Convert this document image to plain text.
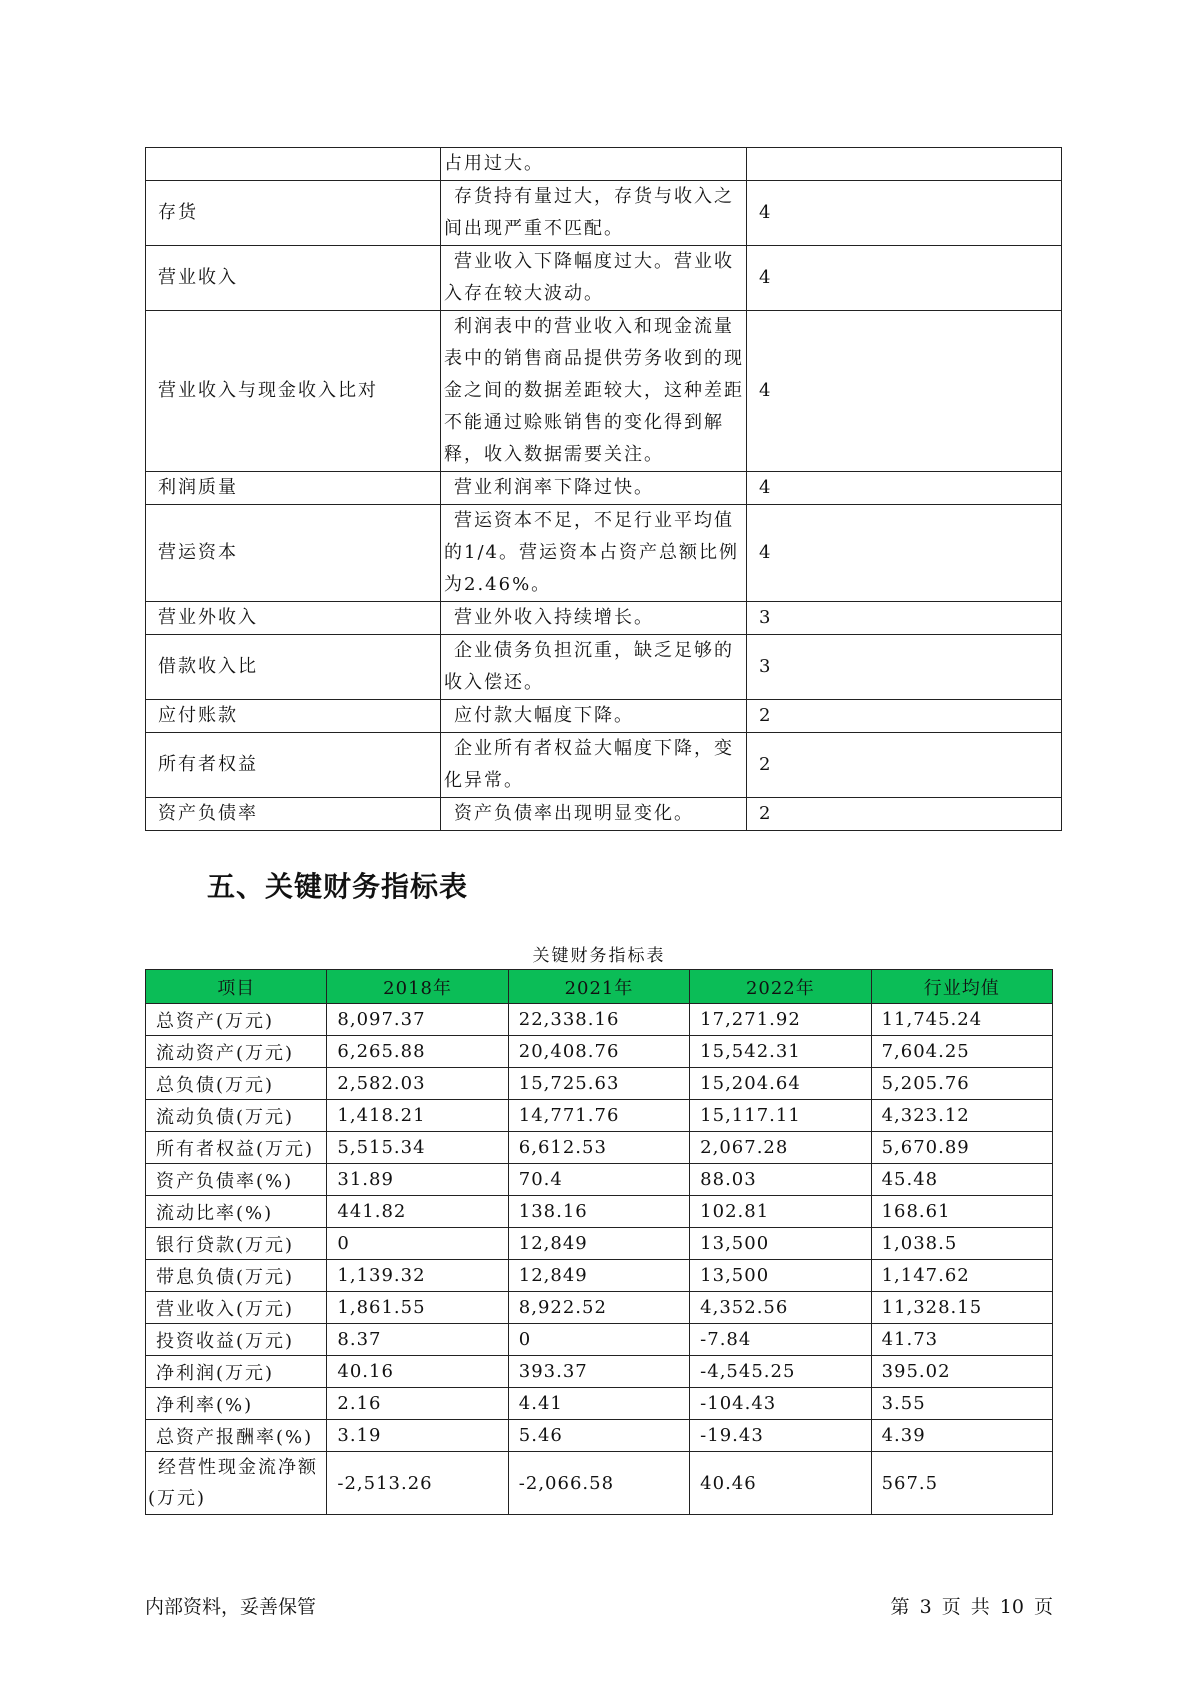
	占用过大。	
存货	存货持有量过大，存货与收入之间出现严重不匹配。	4
营业收入	营业收入下降幅度过大。营业收入存在较大波动。	4
营业收入与现金收入比对	利润表中的营业收入和现金流量表中的销售商品提供劳务收到的现金之间的数据差距较大，这种差距不能通过赊账销售的变化得到解释，收入数据需要关注。	4
利润质量	营业利润率下降过快。	4
营运资本	营运资本不足，不足行业平均值的1/4。营运资本占资产总额比例为2.46%。	4
营业外收入	营业外收入持续增长。	3
借款收入比	企业债务负担沉重，缺乏足够的收入偿还。	3
应付账款	应付款大幅度下降。	2
所有者权益	企业所有者权益大幅度下降，变化异常。	2
资产负债率	资产负债率出现明显变化。	2
五、关键财务指标表
关键财务指标表
项目	2018年	2021年	2022年	行业均值
总资产(万元)	8,097.37	22,338.16	17,271.92	11,745.24
流动资产(万元)	6,265.88	20,408.76	15,542.31	7,604.25
总负债(万元)	2,582.03	15,725.63	15,204.64	5,205.76
流动负债(万元)	1,418.21	14,771.76	15,117.11	4,323.12
所有者权益(万元)	5,515.34	6,612.53	2,067.28	5,670.89
资产负债率(%)	31.89	70.4	88.03	45.48
流动比率(%)	441.82	138.16	102.81	168.61
银行贷款(万元)	0	12,849	13,500	1,038.5
带息负债(万元)	1,139.32	12,849	13,500	1,147.62
营业收入(万元)	1,861.55	8,922.52	4,352.56	11,328.15
投资收益(万元)	8.37	0	-7.84	41.73
净利润(万元)	40.16	393.37	-4,545.25	395.02
净利率(%)	2.16	4.41	-104.43	3.55
总资产报酬率(%)	3.19	5.46	-19.43	4.39
经营性现金流净额(万元)	-2,513.26	-2,066.58	40.46	567.5
内部资料，妥善保管	第 3 页 共 10 页
